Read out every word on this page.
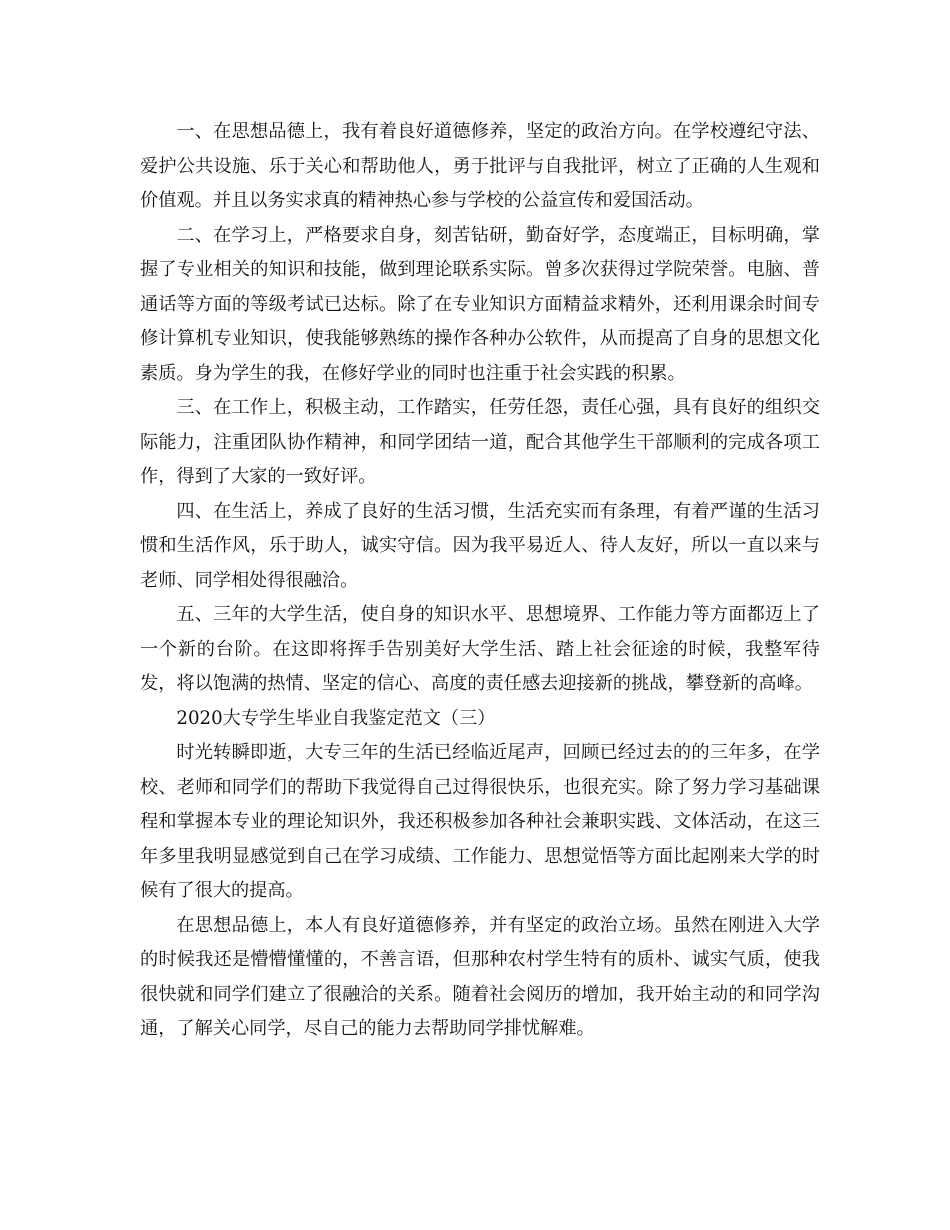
一、在思想品德上，我有着良好道德修养，坚定的政治方向。在学校遵纪守法、爱护公共设施、乐于关心和帮助他人，勇于批评与自我批评，树立了正确的人生观和价值观。并且以务实求真的精神热心参与学校的公益宣传和爱国活动。

二、在学习上，严格要求自身，刻苦钻研，勤奋好学，态度端正，目标明确，掌握了专业相关的知识和技能，做到理论联系实际。曾多次获得过学院荣誉。电脑、普通话等方面的等级考试已达标。除了在专业知识方面精益求精外，还利用课余时间专修计算机专业知识，使我能够熟练的操作各种办公软件，从而提高了自身的思想文化素质。身为学生的我，在修好学业的同时也注重于社会实践的积累。

三、在工作上，积极主动，工作踏实，任劳任怨，责任心强，具有良好的组织交际能力，注重团队协作精神，和同学团结一道，配合其他学生干部顺利的完成各项工作，得到了大家的一致好评。

四、在生活上，养成了良好的生活习惯，生活充实而有条理，有着严谨的生活习惯和生活作风，乐于助人，诚实守信。因为我平易近人、待人友好，所以一直以来与老师、同学相处得很融洽。

五、三年的大学生活，使自身的知识水平、思想境界、工作能力等方面都迈上了一个新的台阶。在这即将挥手告别美好大学生活、踏上社会征途的时候，我整军待发，将以饱满的热情、坚定的信心、高度的责任感去迎接新的挑战，攀登新的高峰。

2020大专学生毕业自我鉴定范文（三）

时光转瞬即逝，大专三年的生活已经临近尾声，回顾已经过去的的三年多，在学校、老师和同学们的帮助下我觉得自己过得很快乐，也很充实。除了努力学习基础课程和掌握本专业的理论知识外，我还积极参加各种社会兼职实践、文体活动，在这三年多里我明显感觉到自己在学习成绩、工作能力、思想觉悟等方面比起刚来大学的时候有了很大的提高。

在思想品德上，本人有良好道德修养，并有坚定的政治立场。虽然在刚进入大学的时候我还是懵懵懂懂的，不善言语，但那种农村学生特有的质朴、诚实气质，使我很快就和同学们建立了很融洽的关系。随着社会阅历的增加，我开始主动的和同学沟通，了解关心同学，尽自己的能力去帮助同学排忧解难。
